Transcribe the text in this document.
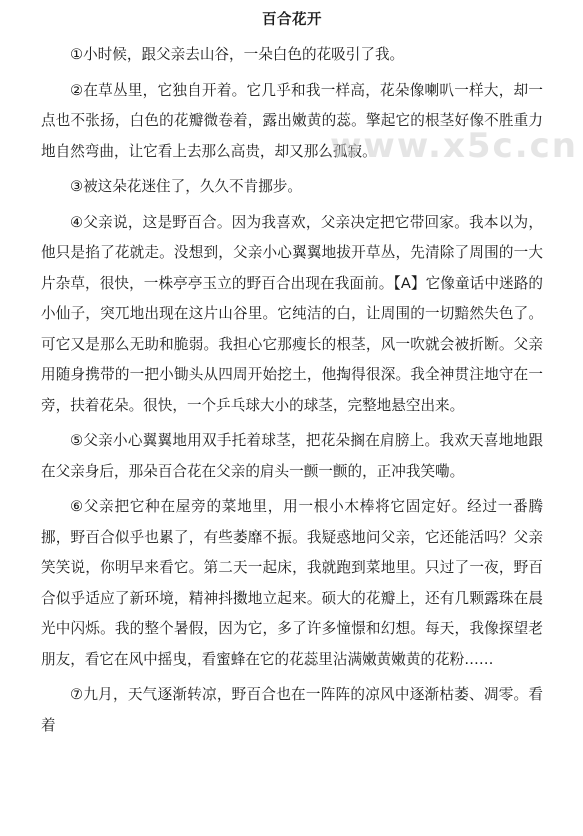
www.x5c.cn
百合花开

①小时候，跟父亲去山谷，一朵白色的花吸引了我。

②在草丛里，它独自开着。它几乎和我一样高，花朵像喇叭一样大，却一点也不张扬，白色的花瓣微卷着，露出嫩黄的蕊。擎起它的根茎好像不胜重力地自然弯曲，让它看上去那么高贵，却又那么孤寂。

③被这朵花迷住了，久久不肯挪步。

④父亲说，这是野百合。因为我喜欢，父亲决定把它带回家。我本以为，他只是掐了花就走。没想到，父亲小心翼翼地拔开草丛，先清除了周围的一大片杂草，很快，一株亭亭玉立的野百合出现在我面前。【A】它像童话中迷路的小仙子，突兀地出现在这片山谷里。它纯洁的白，让周围的一切黯然失色了。可它又是那么无助和脆弱。我担心它那瘦长的根茎，风一吹就会被折断。父亲用随身携带的一把小锄头从四周开始挖土，他掏得很深。我全神贯注地守在一旁，扶着花朵。很快，一个乒乓球大小的球茎，完整地悬空出来。

⑤父亲小心翼翼地用双手托着球茎，把花朵搁在肩膀上。我欢天喜地地跟在父亲身后，那朵百合花在父亲的肩头一颤一颤的，正冲我笑嘞。

⑥父亲把它种在屋旁的菜地里，用一根小木棒将它固定好。经过一番腾挪，野百合似乎也累了，有些萎靡不振。我疑惑地问父亲，它还能活吗？父亲笑笑说，你明早来看它。第二天一起床，我就跑到菜地里。只过了一夜，野百合似乎适应了新环境，精神抖擞地立起来。硕大的花瓣上，还有几颗露珠在晨光中闪烁。我的整个暑假，因为它，多了许多憧憬和幻想。每天，我像探望老朋友，看它在风中摇曳，看蜜蜂在它的花蕊里沾满嫩黄嫩黄的花粉……

⑦九月，天气逐渐转凉，野百合也在一阵阵的凉风中逐渐枯萎、凋零。看着
